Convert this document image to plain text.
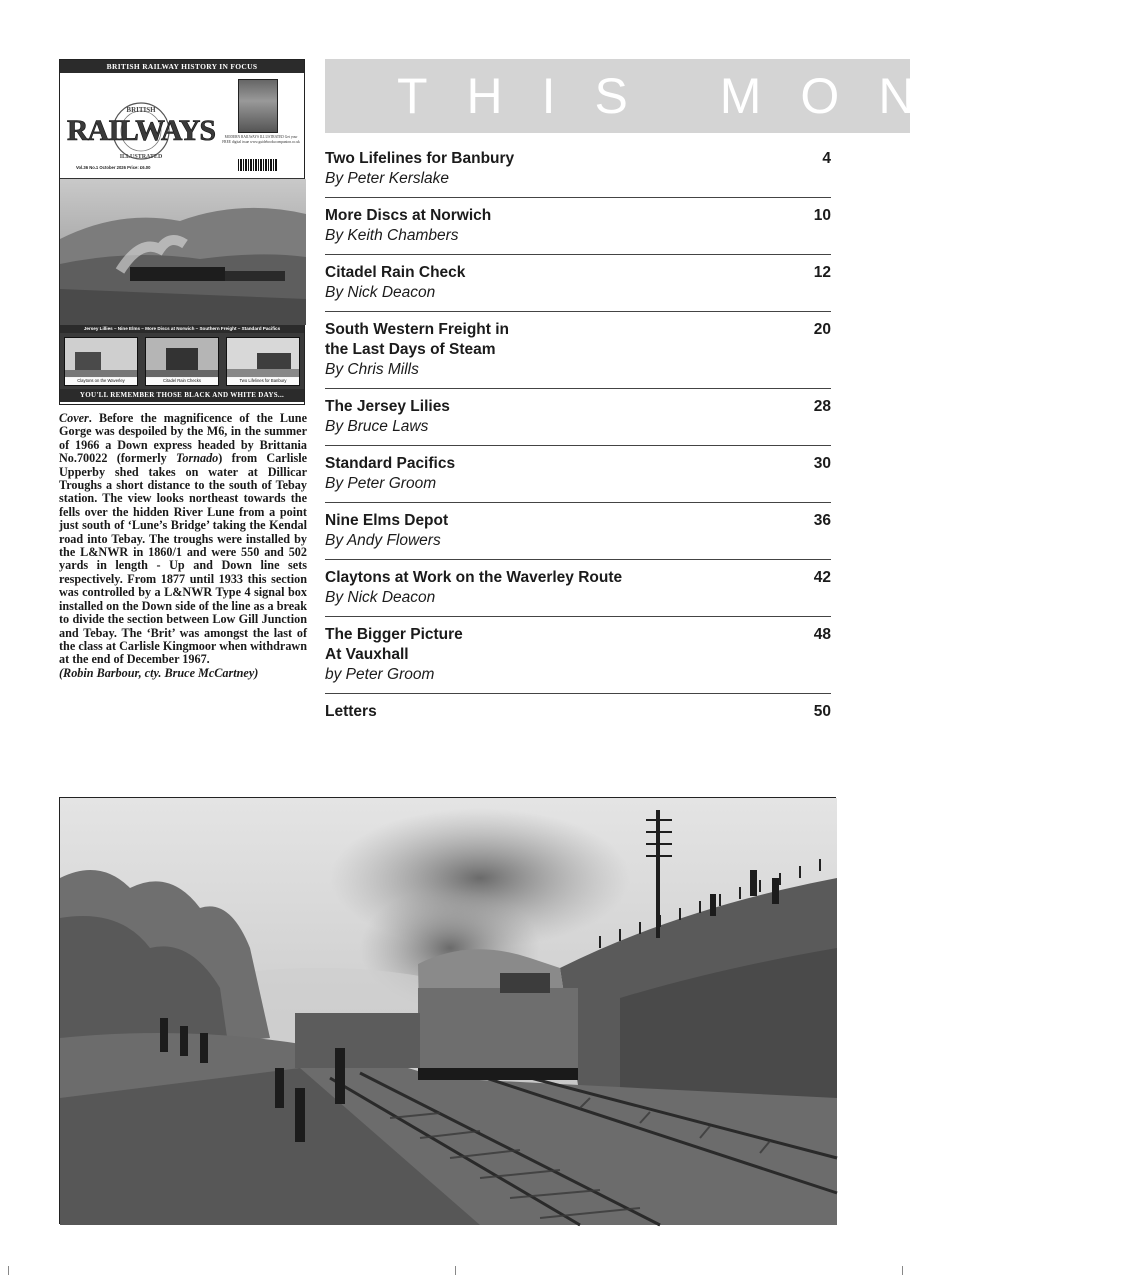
BRITISH RAILWAY HISTORY IN FOCUS
BRITISH
ILLUSTRATED
RAILWAYS	MODERN RAILWAYS ILLUSTRATED Get your FREE digital issue www.guidebookscompanion.co.uk
Vol.36 No.1 October 2026 Price: £6.00
Jersey Lillies – Nine Elms – More Discs at Norwich – Southern Freight – Standard Pacifics
Claytons on the Waverley	Citadel Rain Checks	Two Lifelines for Banbury
YOU'LL REMEMBER THOSE BLACK AND WHITE DAYS...

Cover. Before the magnificence of the Lune Gorge was despoiled by the M6, in the summer of 1966 a Down express headed by Brittania No.70022 (formerly Tornado) from Carlisle Upperby shed takes on water at Dillicar Troughs a short distance to the south of Tebay station. The view looks northeast towards the fells over the hidden River Lune from a point just south of ‘Lune’s Bridge’ taking the Kendal road into Tebay. The troughs were installed by the L&NWR in 1860/1 and were 550 and 502 yards in length - Up and Down line sets respectively. From 1877 until 1933 this section was controlled by a L&NWR Type 4 signal box installed on the Down side of the line as a break to divide the section between Low Gill Junction and Tebay. The ‘Brit’ was amongst the last of the class at Carlisle Kingmoor when withdrawn at the end of December 1967.

(Robin Barbour, cty. Bruce McCartney)

THIS MONTH'
Two Lifelines for Banbury
By Peter Kerslake
4
More Discs at Norwich
By Keith Chambers
10
Citadel Rain Check
By Nick Deacon
12
South Western Freight in
the Last Days of Steam
By Chris Mills
20
The Jersey Lilies
By Bruce Laws
28
Standard Pacifics
By Peter Groom
30
Nine Elms Depot
By Andy Flowers
36
Claytons at Work on the Waverley Route
By Nick Deacon
42
The Bigger Picture
At Vauxhall
by Peter Groom
48
Letters	50
